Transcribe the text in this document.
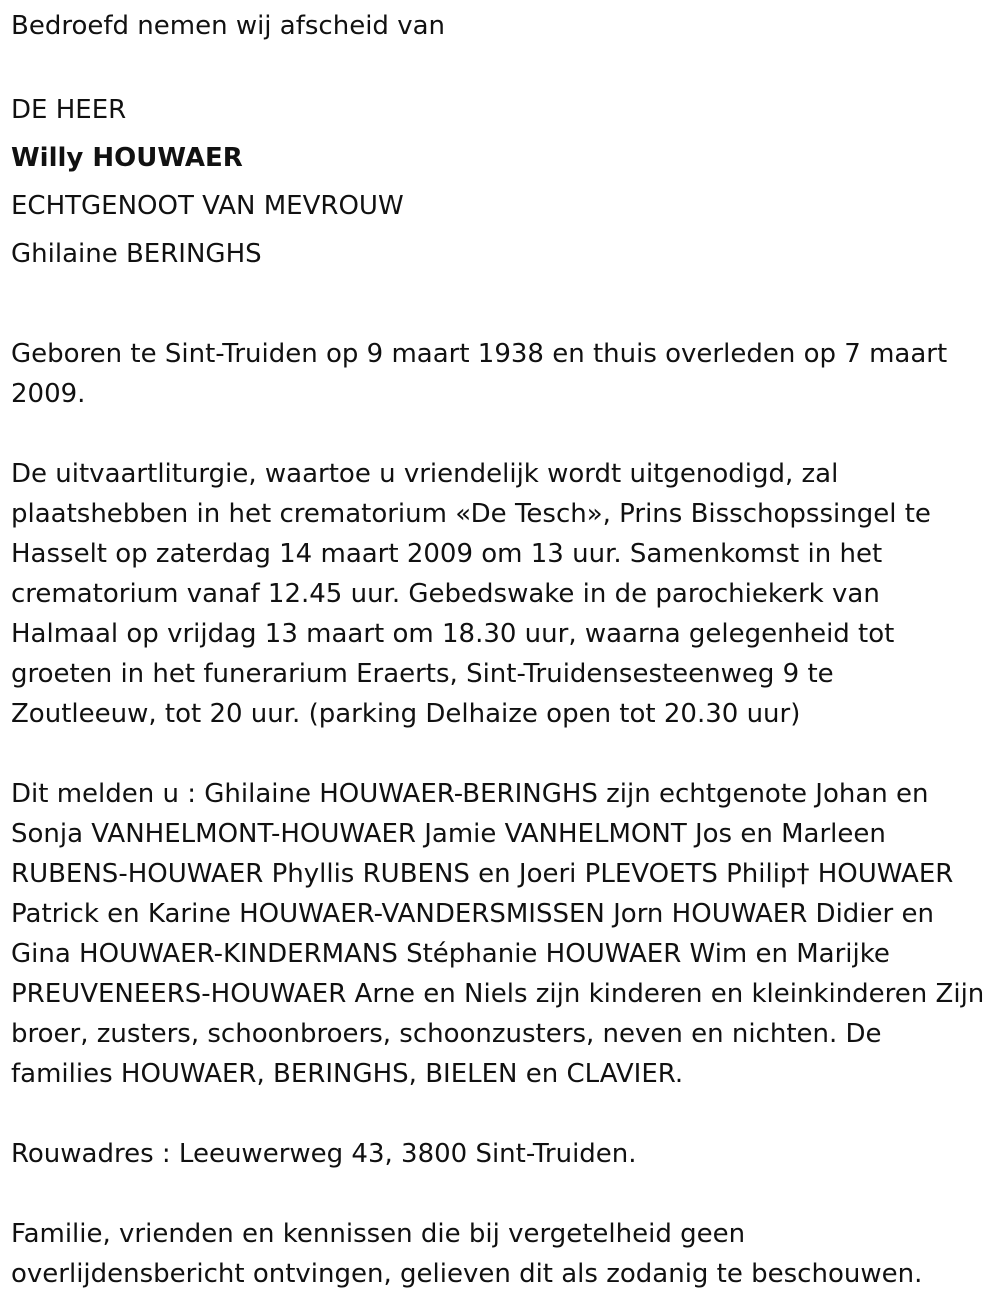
Bedroefd nemen wij afscheid van

DE HEER

Willy HOUWAER

ECHTGENOOT VAN MEVROUW

Ghilaine BERINGHS

Geboren te Sint-Truiden op 9 maart 1938 en thuis overleden op 7 maart 2009.

De uitvaartliturgie, waartoe u vriendelijk wordt uitgenodigd, zal plaatshebben in het crematorium «De Tesch», Prins Bisschopssingel te Hasselt op zaterdag 14 maart 2009 om 13 uur. Samenkomst in het crematorium vanaf 12.45 uur. Gebedswake in de parochiekerk van Halmaal op vrijdag 13 maart om 18.30 uur, waarna gelegenheid tot groeten in het funerarium Eraerts, Sint-Truidensesteenweg 9 te Zoutleeuw, tot 20 uur. (parking Delhaize open tot 20.30 uur)

Dit melden u : Ghilaine HOUWAER-BERINGHS zijn echtgenote Johan en Sonja VANHELMONT-HOUWAER Jamie VANHELMONT Jos en Marleen RUBENS-HOUWAER Phyllis RUBENS en Joeri PLEVOETS Philip† HOUWAER Patrick en Karine HOUWAER-VANDERSMISSEN Jorn HOUWAER Didier en Gina HOUWAER-KINDERMANS Stéphanie HOUWAER Wim en Marijke PREUVENEERS-HOUWAER Arne en Niels zijn kinderen en kleinkinderen Zijn broer, zusters, schoonbroers, schoonzusters, neven en nichten. De families HOUWAER, BERINGHS, BIELEN en CLAVIER.

Rouwadres : Leeuwerweg 43, 3800 Sint-Truiden.

Familie, vrienden en kennissen die bij vergetelheid geen overlijdensbericht ontvingen, gelieven dit als zodanig te beschouwen.
